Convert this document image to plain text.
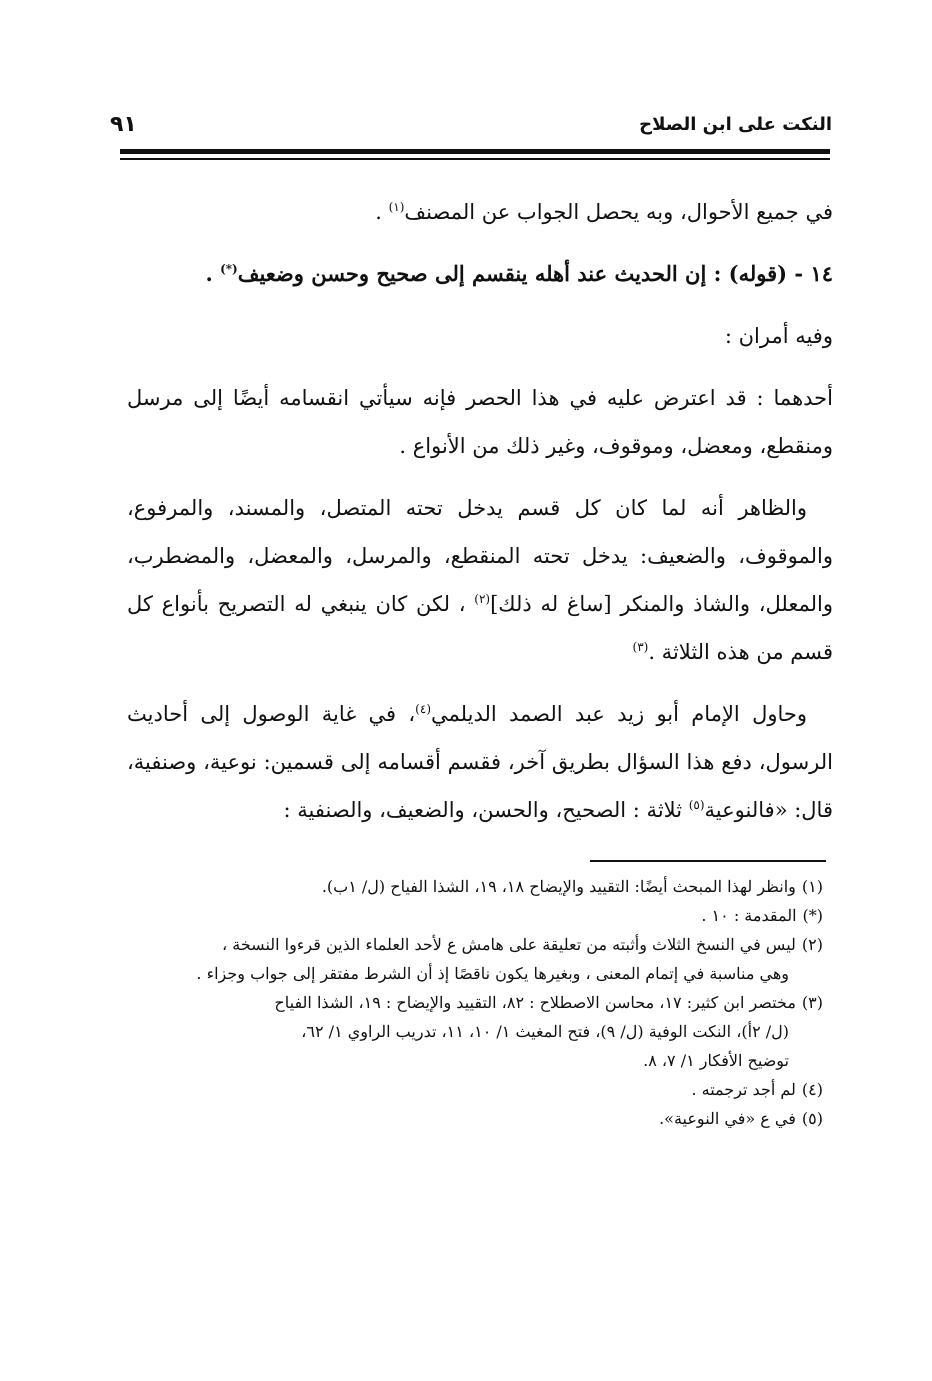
النكت على ابن الصلاح
٩١

في جميع الأحوال، وبه يحصل الجواب عن المصنف$^{(١)}$ .

١٤ - (قوله) : إن الحديث عند أهله ينقسم إلى صحيح وحسن وضعيف(*) .

وفيه أمران :

أحدهما : قد اعترض عليه في هذا الحصر فإنه سيأتي انقسامه أيضًا إلى مرسل ومنقطع، ومعضل، وموقوف، وغير ذلك من الأنواع .

والظاهر أنه لما كان كل قسم يدخل تحته المتصل، والمسند، والمرفوع، والموقوف، والضعيف: يدخل تحته المنقطع، والمرسل، والمعضل، والمضطرب، والمعلل، والشاذ والمنكر [ساغ له ذلك]$^{(٢)}$ ، لكن كان ينبغي له التصريح بأنواع كل قسم من هذه الثلاثة .$^{(٣)}$

وحاول الإمام أبو زيد عبد الصمد الديلمي$^{(٤)}$، في غاية الوصول إلى أحاديث الرسول، دفع هذا السؤال بطريق آخر، فقسم أقسامه إلى قسمين: نوعية، وصنفية، قال: «فالنوعية$^{(٥)}$ ثلاثة : الصحيح، والحسن، والضعيف، والصنفية :

(١)وانظر لهذا المبحث أيضًا: التقييد والإيضاح ١٨، ١٩، الشذا الفياح (ل/ ١ب).

(*)المقدمة : ١٠ .

(٢)ليس في النسخ الثلاث وأثبته من تعليقة على هامش ع لأحد العلماء الذين قرءوا النسخة ،

وهي مناسبة في إتمام المعنى ، وبغيرها يكون ناقصًا إذ أن الشرط مفتقر إلى جواب وجزاء .

(٣)مختصر ابن كثير: ١٧، محاسن الاصطلاح : ٨٢، التقييد والإيضاح : ١٩، الشذا الفياح

(ل/ ٢أ)، النكت الوفية (ل/ ٩)، فتح المغيث ١/ ١٠، ١١، تدريب الراوي ١/ ٦٢،

توضيح الأفكار ١/ ٧، ٨.

(٤)لم أجد ترجمته .

(٥)في ع «في النوعية».
